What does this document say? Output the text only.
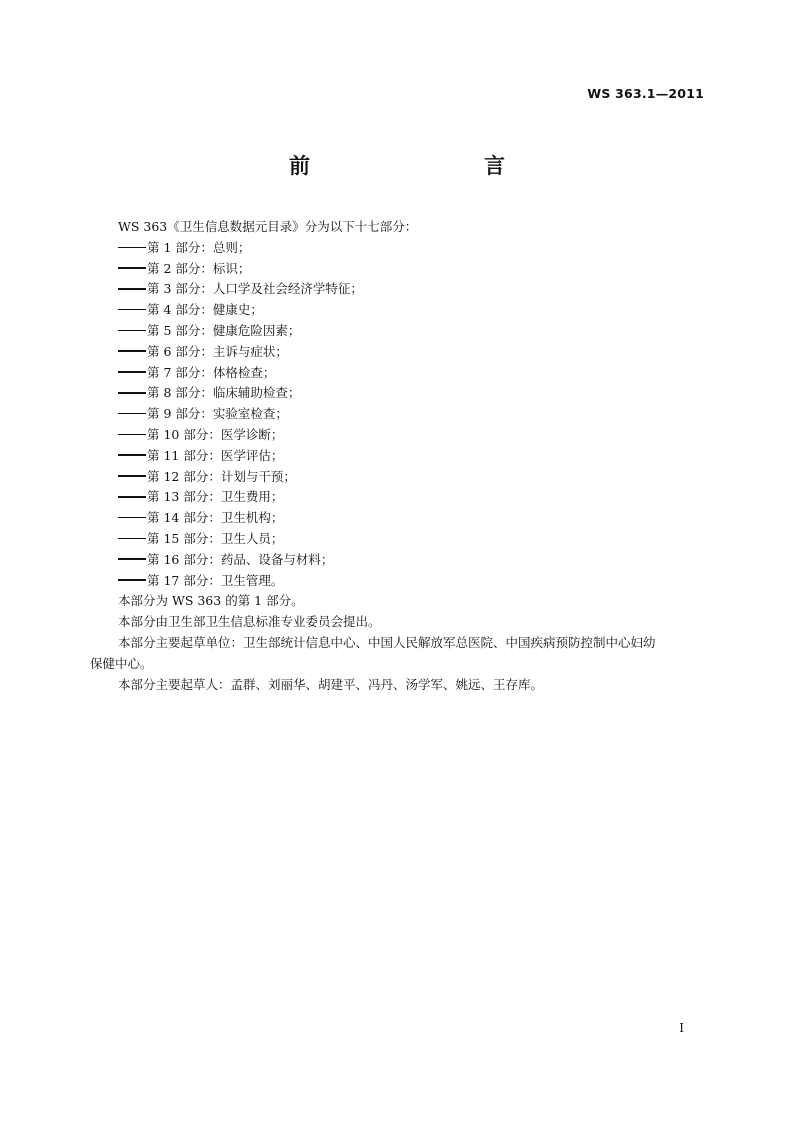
WS 363.1—2011
前　　言

WS 363《卫生信息数据元目录》分为以下十七部分：

第 1 部分：总则；
第 2 部分：标识；
第 3 部分：人口学及社会经济学特征；
第 4 部分：健康史；
第 5 部分：健康危险因素；
第 6 部分：主诉与症状；
第 7 部分：体格检查；
第 8 部分：临床辅助检查；
第 9 部分：实验室检查；
第 10 部分：医学诊断；
第 11 部分：医学评估；
第 12 部分：计划与干预；
第 13 部分：卫生费用；
第 14 部分：卫生机构；
第 15 部分：卫生人员；
第 16 部分：药品、设备与材料；
第 17 部分：卫生管理。

本部分为 WS 363 的第 1 部分。

本部分由卫生部卫生信息标准专业委员会提出。

本部分主要起草单位：卫生部统计信息中心、中国人民解放军总医院、中国疾病预防控制中心妇幼
保健中心。

本部分主要起草人：孟群、刘丽华、胡建平、冯丹、汤学军、姚远、王存库。

I
